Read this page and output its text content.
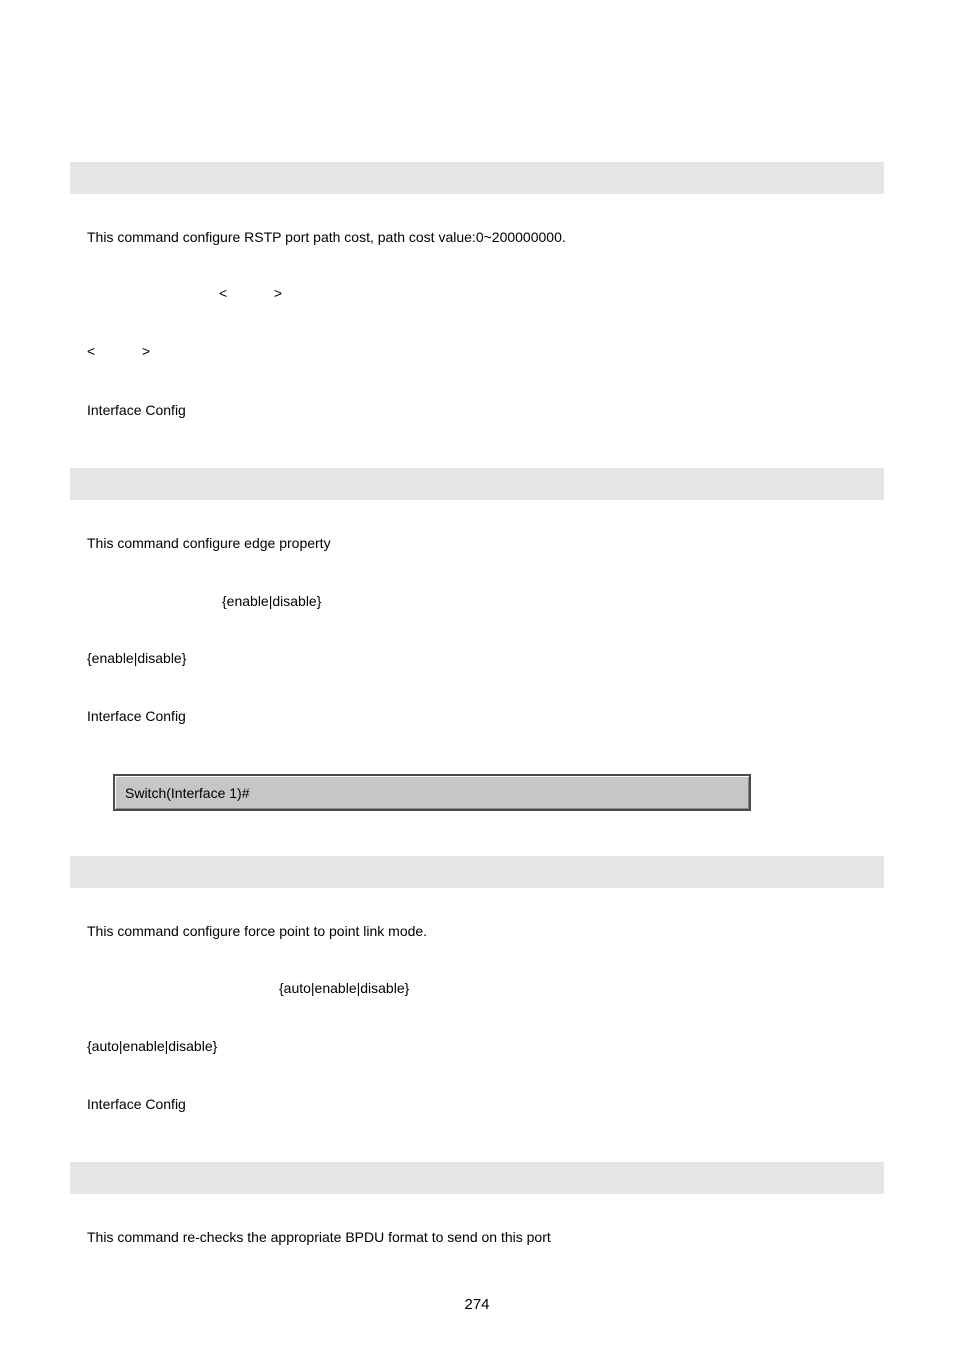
This command configure RSTP port path cost, path cost value:0~200000000.
<            >
<            >
Interface Config
This command configure edge property
{enable|disable}
{enable|disable}
Interface Config
Switch(Interface 1)#
This command configure force point to point link mode.
{auto|enable|disable}
{auto|enable|disable}
Interface Config
This command re-checks the appropriate BPDU format to send on this port
274
